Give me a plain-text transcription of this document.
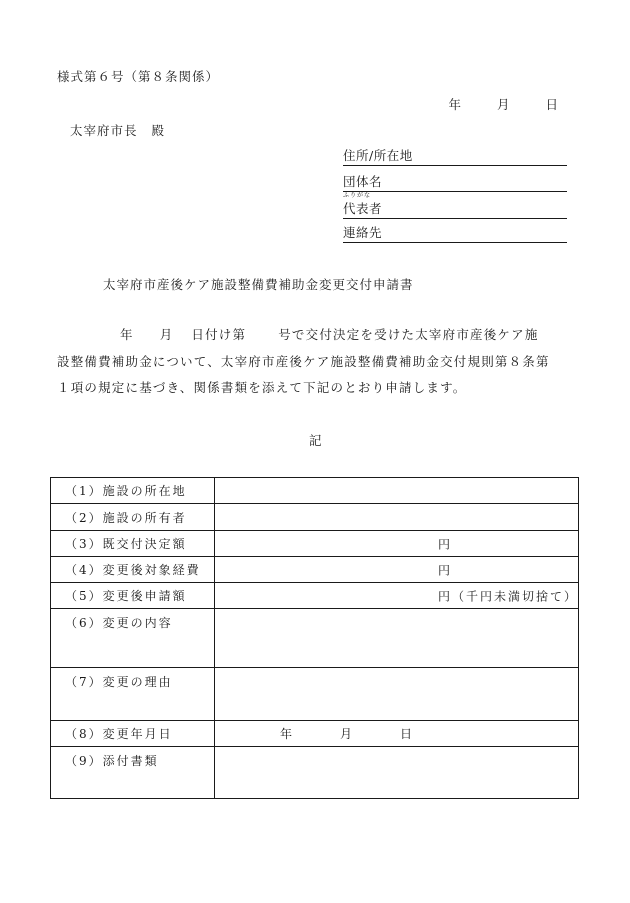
様式第６号（第８条関係）
年	月	日
太宰府市長 殿
住所/所在地
団体名
ふりがな
代表者
連絡先
太宰府市産後ケア施設整備費補助金変更交付申請書
年 月 日付け第	号で交付決定を受けた太宰府市産後ケア施
設整備費補助金について、太宰府市産後ケア施設整備費補助金交付規則第８条第
１項の規定に基づき、関係書類を添えて下記のとおり申請します。
記
（1）施設の所在地	
（2）施設の所有者	
（3）既交付決定額	円

（4）変更後対象経費	円

（5）変更後申請額	円（千円未満切捨て）

（6）変更の内容	
（7）変更の理由	
（8）変更年月日	年 月 日
（9）添付書類	
